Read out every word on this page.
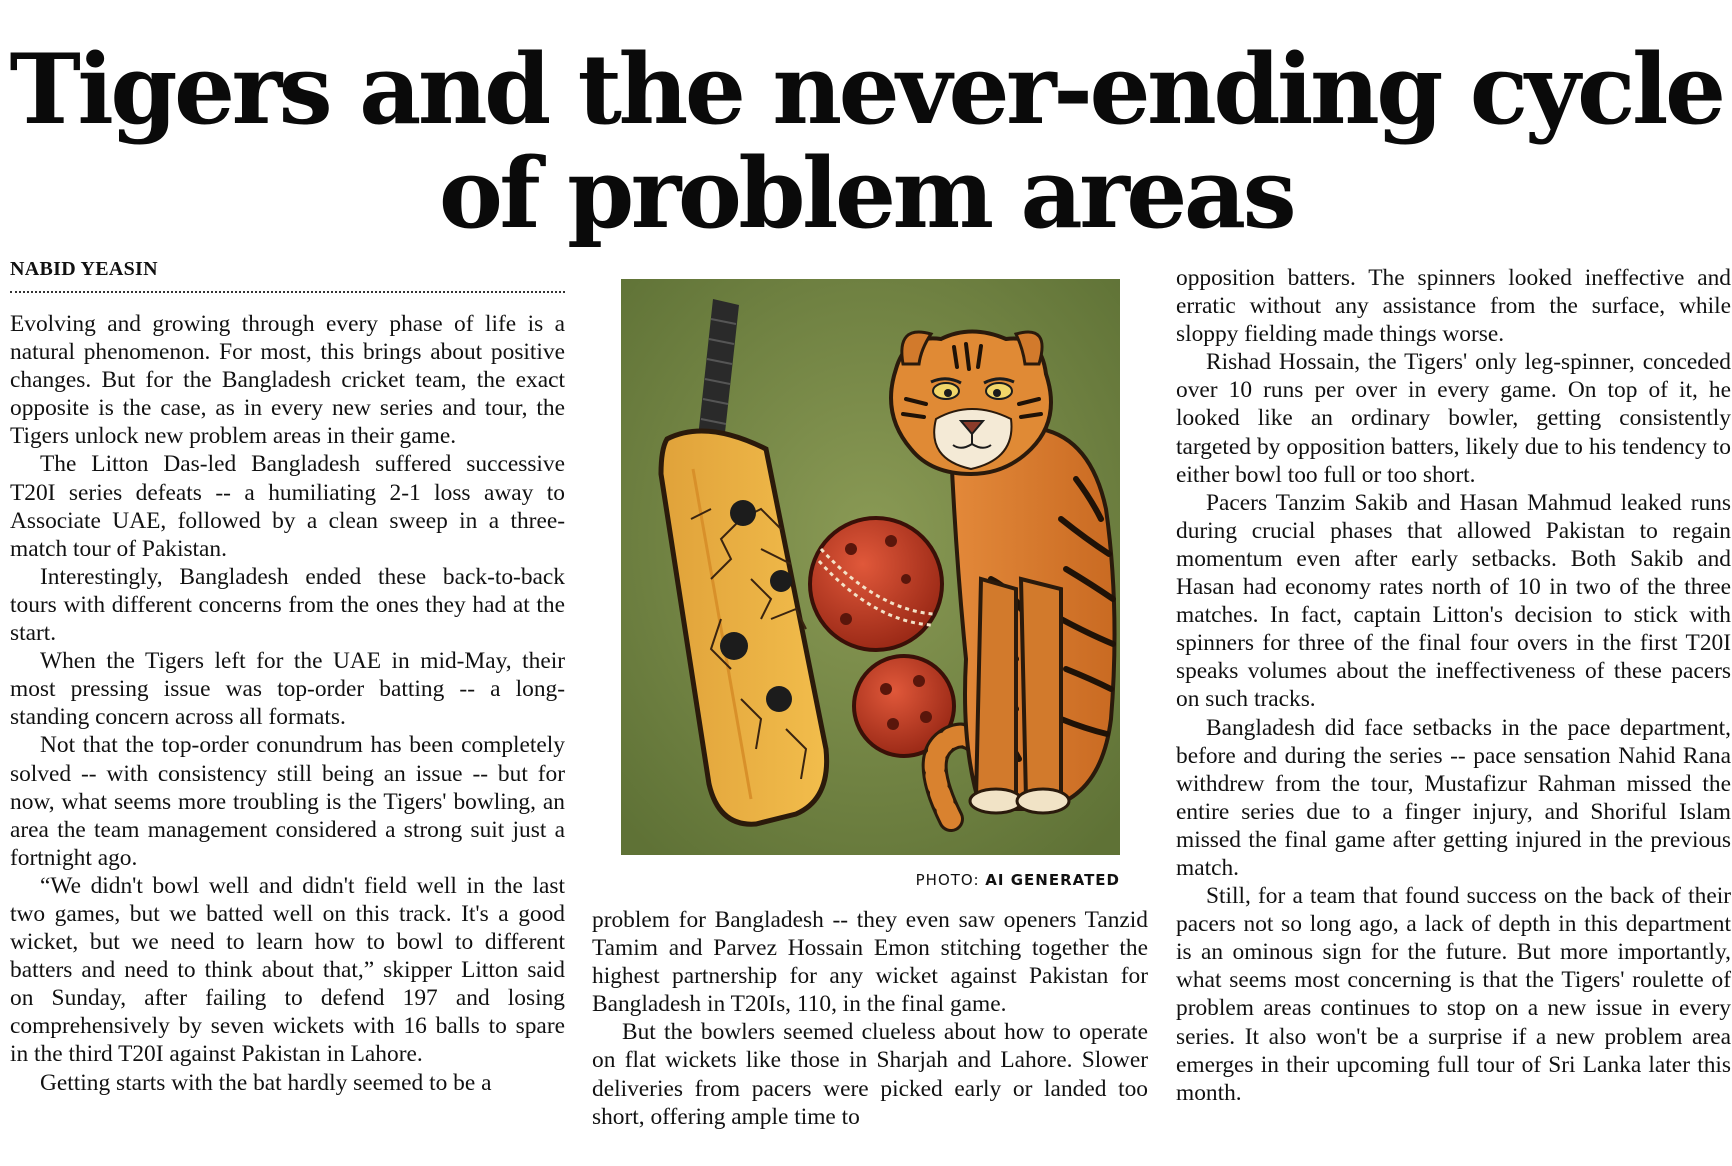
Tigers and the never-ending cycle
of problem areas
NABID YEASIN

Evolving and growing through every phase of life is a natural phenomenon. For most, this brings about positive changes. But for the Bangladesh cricket team, the exact opposite is the case, as in every new series and tour, the Tigers unlock new problem areas in their game.

The Litton Das-led Bangladesh suffered successive T20I series defeats -- a humiliating 2-1 loss away to Associate UAE, followed by a clean sweep in a three-match tour of Pakistan.

Interestingly, Bangladesh ended these back-to-back tours with different concerns from the ones they had at the start.

When the Tigers left for the UAE in mid-May, their most pressing issue was top-order batting -- a long-standing concern across all formats.

Not that the top-order conundrum has been completely solved -- with consistency still being an issue -- but for now, what seems more troubling is the Tigers' bowling, an area the team management considered a strong suit just a fortnight ago.

“We didn't bowl well and didn't field well in the last two games, but we batted well on this track. It's a good wicket, but we need to learn how to bowl to different batters and need to think about that,” skipper Litton said on Sunday, after failing to defend 197 and losing comprehensively by seven wickets with 16 balls to spare in the third T20I against Pakistan in Lahore.

Getting starts with the bat hardly seemed to be a

PHOTO: AI GENERATED

problem for Bangladesh -- they even saw openers Tanzid Tamim and Parvez Hossain Emon stitching together the highest partnership for any wicket against Pakistan for Bangladesh in T20Is, 110, in the final game.

But the bowlers seemed clueless about how to operate on flat wickets like those in Sharjah and Lahore. Slower deliveries from pacers were picked early or landed too short, offering ample time to

opposition batters. The spinners looked ineffective and erratic without any assistance from the surface, while sloppy fielding made things worse.

Rishad Hossain, the Tigers' only leg-spinner, conceded over 10 runs per over in every game. On top of it, he looked like an ordinary bowler, getting consistently targeted by opposition batters, likely due to his tendency to either bowl too full or too short.

Pacers Tanzim Sakib and Hasan Mahmud leaked runs during crucial phases that allowed Pakistan to regain momentum even after early setbacks. Both Sakib and Hasan had economy rates north of 10 in two of the three matches. In fact, captain Litton's decision to stick with spinners for three of the final four overs in the first T20I speaks volumes about the ineffectiveness of these pacers on such tracks.

Bangladesh did face setbacks in the pace department, before and during the series -- pace sensation Nahid Rana withdrew from the tour, Mustafizur Rahman missed the entire series due to a finger injury, and Shoriful Islam missed the final game after getting injured in the previous match.

Still, for a team that found success on the back of their pacers not so long ago, a lack of depth in this department is an ominous sign for the future. But more importantly, what seems most concerning is that the Tigers' roulette of problem areas continues to stop on a new issue in every series. It also won't be a surprise if a new problem area emerges in their upcoming full tour of Sri Lanka later this month.
